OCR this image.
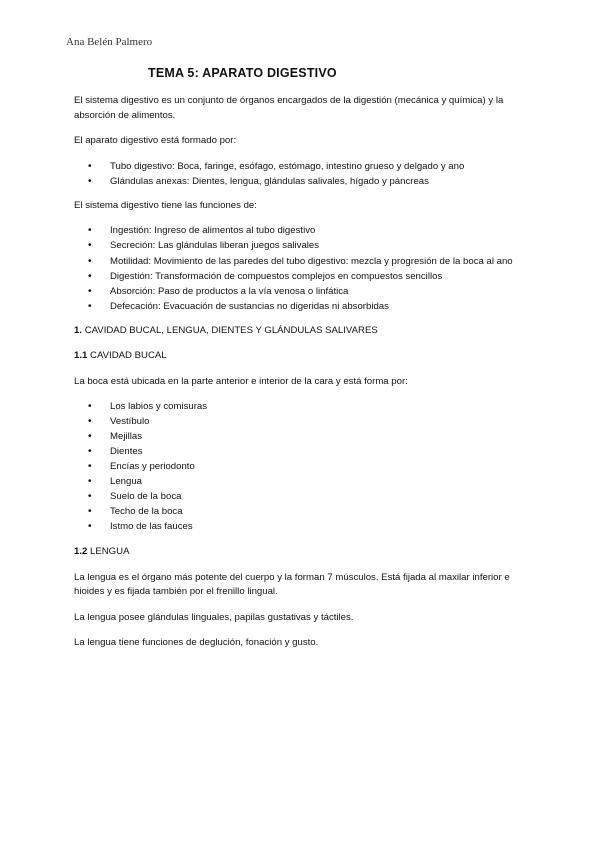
Ana Belén Palmero
TEMA 5: APARATO DIGESTIVO

El sistema digestivo es un conjunto de órganos encargados de la digestión (mecánica y química) y la absorción de alimentos.

El aparato digestivo está formado por:

• Tubo digestivo: Boca, faringe, esófago, estómago, intestino grueso y delgado y ano
• Glándulas anexas: Dientes, lengua, glándulas salivales, hígado y páncreas

El sistema digestivo tiene las funciones de:

• Ingestión: Ingreso de alimentos al tubo digestivo
• Secreción: Las glándulas liberan juegos salivales
• Motilidad: Movimiento de las paredes del tubo digestivo: mezcla y progresión de la boca al ano
• Digestión: Transformación de compuestos complejos en compuestos sencillos
• Absorción: Paso de productos a la vía venosa o linfática
• Defecación: Evacuación de sustancias no digeridas ni absorbidas
1. CAVIDAD BUCAL, LENGUA, DIENTES Y GLÁNDULAS SALIVARES
1.1 CAVIDAD BUCAL

La boca está ubicada en la parte anterior e interior de la cara y está forma por:

• Los labios y comisuras
• Vestíbulo
• Mejillas
• Dientes
• Encías y periodonto
• Lengua
• Suelo de la boca
• Techo de la boca
• Istmo de las fauces
1.2 LENGUA

La lengua es el órgano más potente del cuerpo y la forman 7 músculos. Está fijada al maxilar inferior e hioides y es fijada también por el frenillo lingual.

La lengua posee glándulas linguales, papilas gustativas y táctiles.

La lengua tiene funciones de deglución, fonación y gusto.
